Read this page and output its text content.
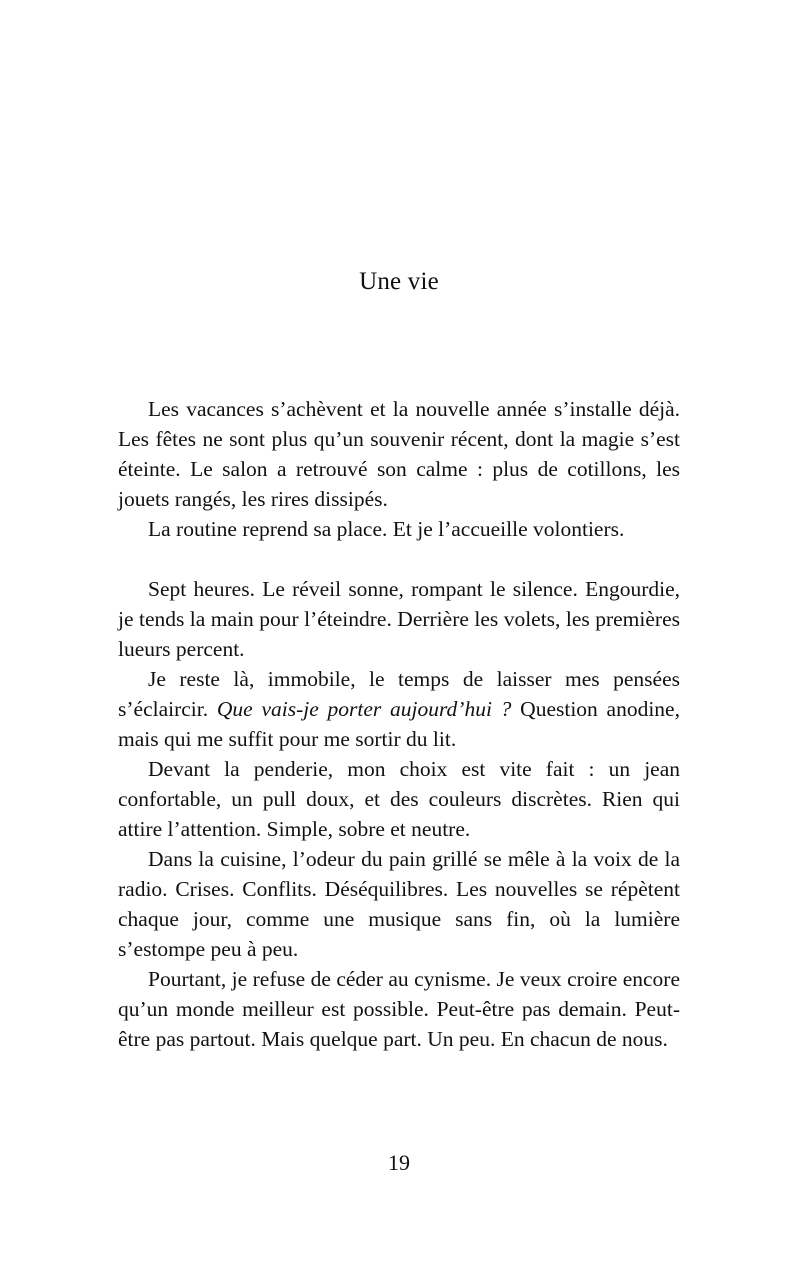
Une vie

Les vacances s’achèvent et la nouvelle année s’installe déjà. Les fêtes ne sont plus qu’un souvenir récent, dont la magie s’est éteinte. Le salon a retrouvé son calme : plus de cotillons, les jouets rangés, les rires dissipés.

La routine reprend sa place. Et je l’accueille volontiers.

Sept heures. Le réveil sonne, rompant le silence. Engourdie, je tends la main pour l’éteindre. Derrière les volets, les premières lueurs percent.

Je reste là, immobile, le temps de laisser mes pensées s’éclaircir. Que vais-je porter aujourd’hui ? Question anodine, mais qui me suffit pour me sortir du lit.

Devant la penderie, mon choix est vite fait : un jean confortable, un pull doux, et des couleurs discrètes. Rien qui attire l’attention. Simple, sobre et neutre.

Dans la cuisine, l’odeur du pain grillé se mêle à la voix de la radio. Crises. Conflits. Déséquilibres. Les nouvelles se répètent chaque jour, comme une musique sans fin, où la lumière s’estompe peu à peu.

Pourtant, je refuse de céder au cynisme. Je veux croire encore qu’un monde meilleur est possible. Peut-être pas demain. Peut-être pas partout. Mais quelque part. Un peu. En chacun de nous.

19
